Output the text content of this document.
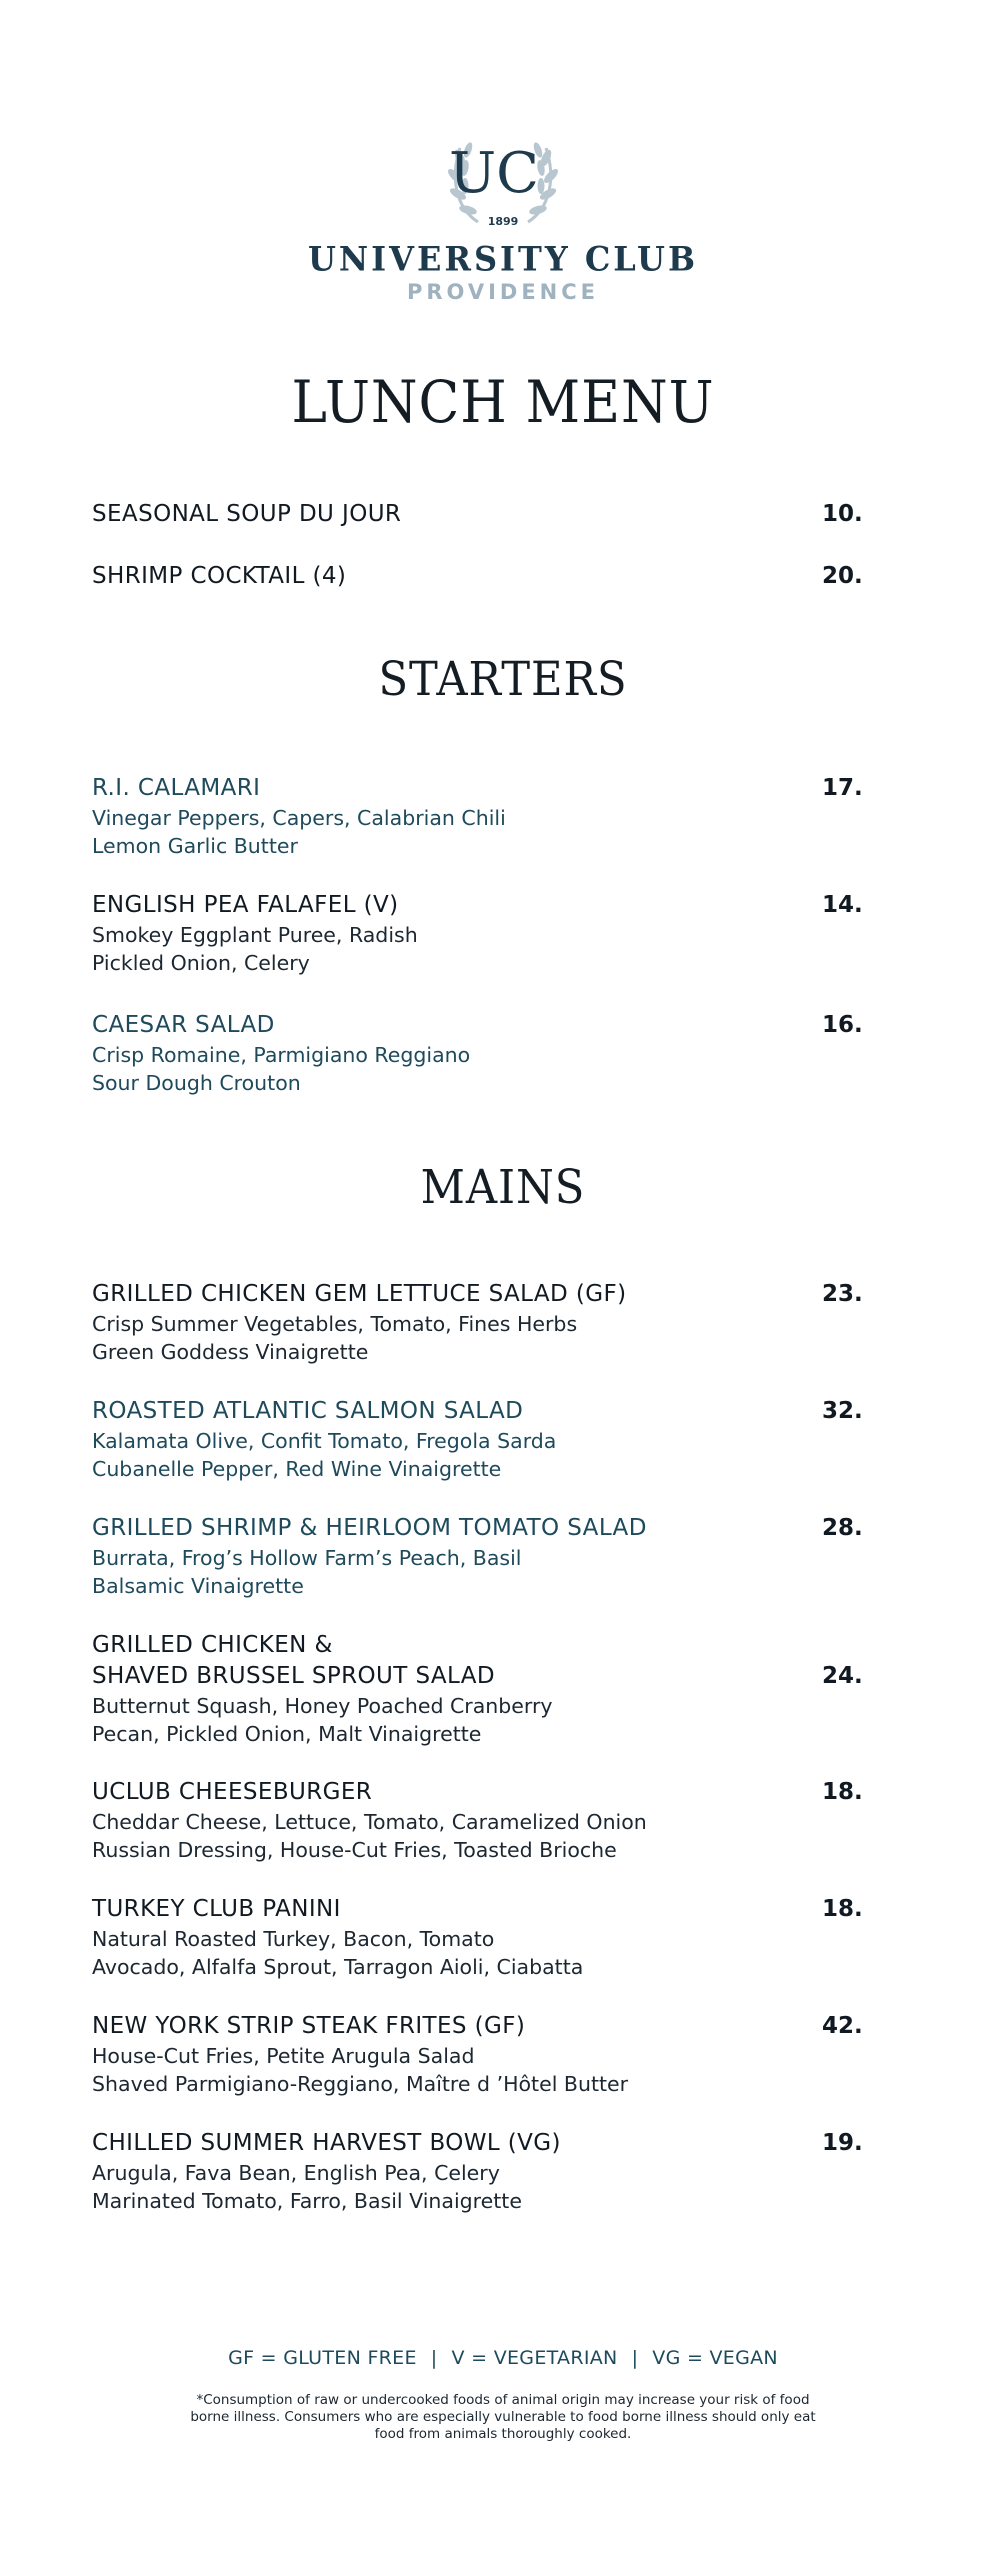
UC
1899
UNIVERSITY CLUB
PROVIDENCE
LUNCH MENU
SEASONAL SOUP DU JOUR	10.
SHRIMP COCKTAIL (4)	20.
STARTERS
R.I. CALAMARI
Vinegar Peppers, Capers, Calabrian Chili
Lemon Garlic Butter
17.
ENGLISH PEA FALAFEL (V)
Smokey Eggplant Puree, Radish
Pickled Onion, Celery
14.
CAESAR SALAD
Crisp Romaine, Parmigiano Reggiano
Sour Dough Crouton
16.
MAINS
GRILLED CHICKEN GEM LETTUCE SALAD (GF)
Crisp Summer Vegetables, Tomato, Fines Herbs
Green Goddess Vinaigrette
23.
ROASTED ATLANTIC SALMON SALAD
Kalamata Olive, Confit Tomato, Fregola Sarda
Cubanelle Pepper, Red Wine Vinaigrette
32.
GRILLED SHRIMP & HEIRLOOM TOMATO SALAD
Burrata, Frog’s Hollow Farm’s Peach, Basil
Balsamic Vinaigrette
28.
GRILLED CHICKEN &
SHAVED BRUSSEL SPROUT SALAD
Butternut Squash, Honey Poached Cranberry
Pecan, Pickled Onion, Malt Vinaigrette
24.
UCLUB CHEESEBURGER
Cheddar Cheese, Lettuce, Tomato, Caramelized Onion
Russian Dressing, House-Cut Fries, Toasted Brioche
18.
TURKEY CLUB PANINI
Natural Roasted Turkey, Bacon, Tomato
Avocado, Alfalfa Sprout, Tarragon Aioli, Ciabatta
18.
NEW YORK STRIP STEAK FRITES (GF)
House-Cut Fries, Petite Arugula Salad
Shaved Parmigiano-Reggiano, Maître d ’Hôtel Butter
42.
CHILLED SUMMER HARVEST BOWL (VG)
Arugula, Fava Bean, English Pea, Celery
Marinated Tomato, Farro, Basil Vinaigrette
19.
GF = GLUTEN FREE | V = VEGETARIAN | VG = VEGAN
*Consumption of raw or undercooked foods of animal origin may increase your risk of food borne illness. Consumers who are especially vulnerable to food borne illness should only eat food from animals thoroughly cooked.
